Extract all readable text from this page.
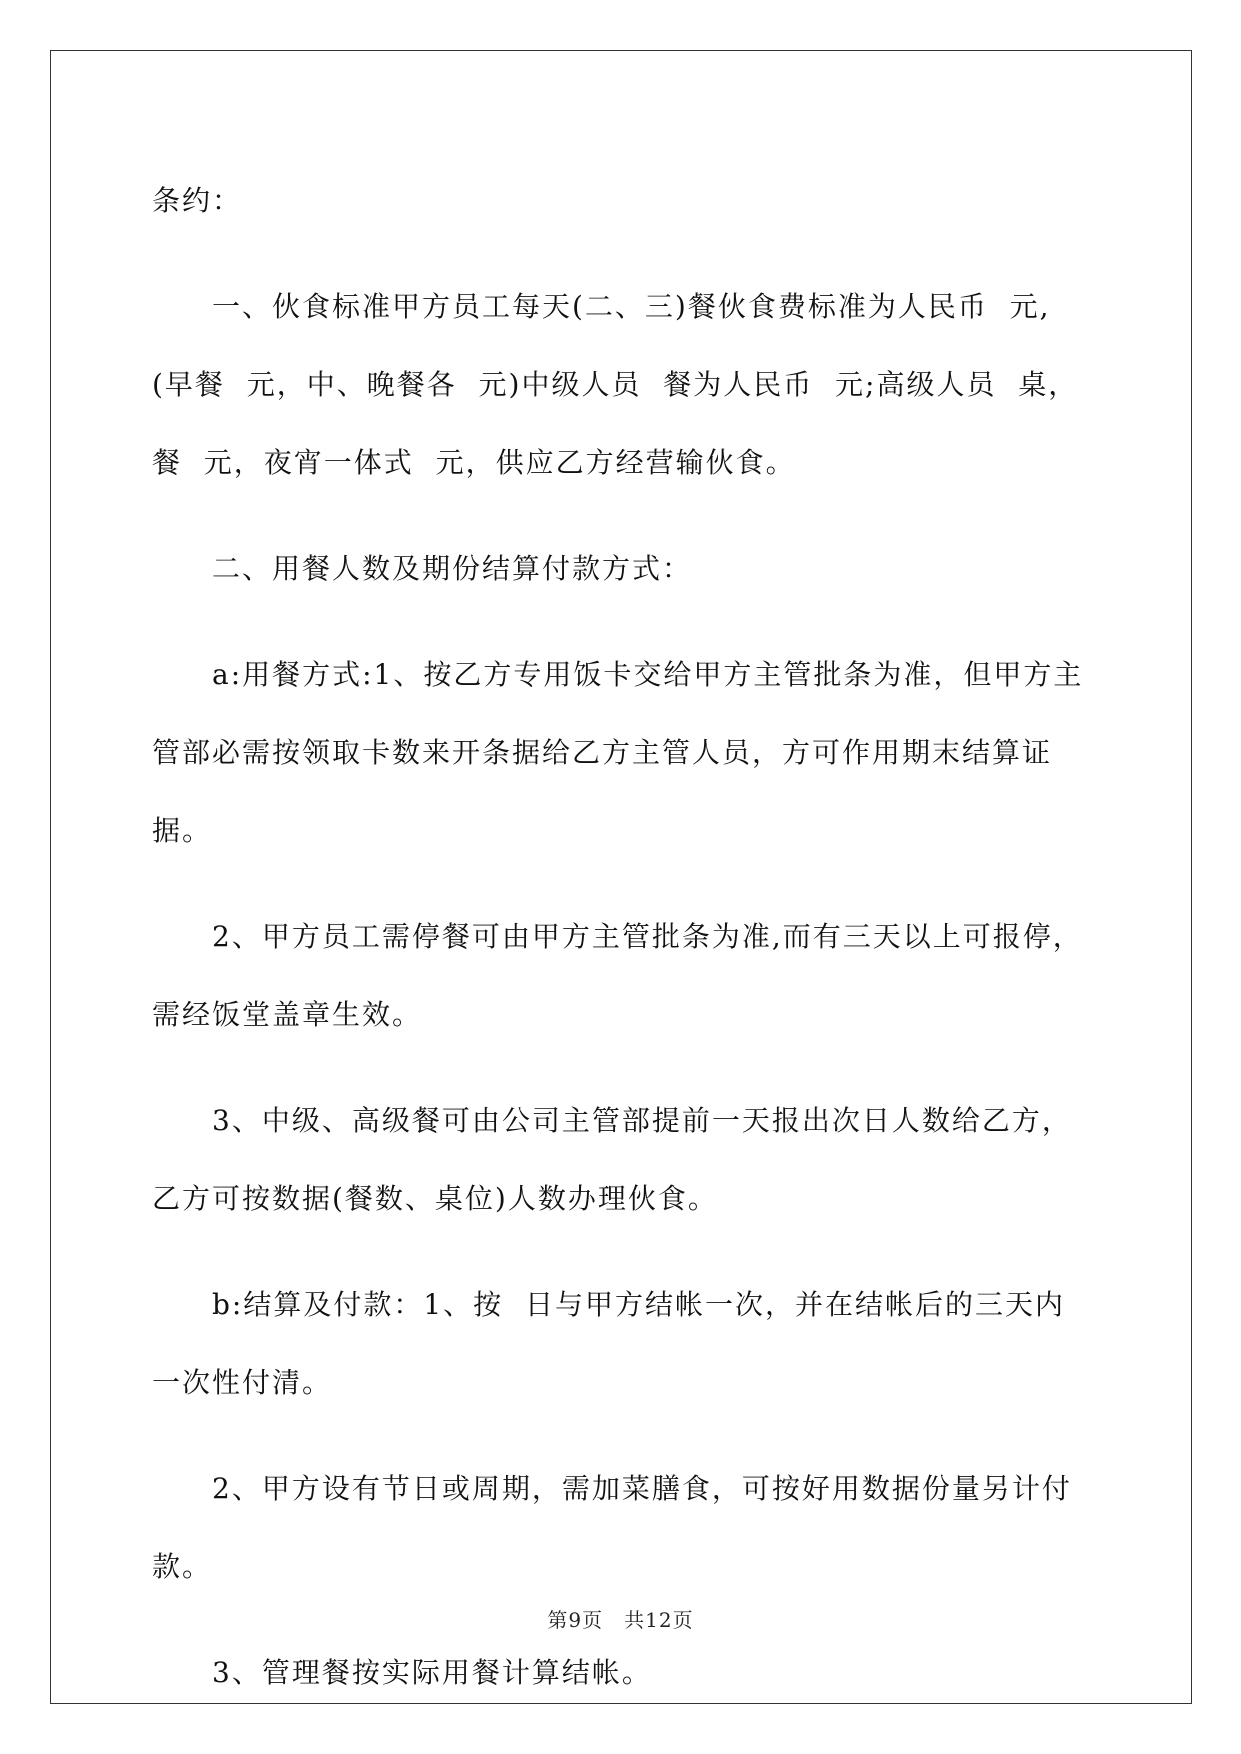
条约：

一、伙食标准甲方员工每天(二、三)餐伙食费标准为人民币  元,(早餐  元，中、晚餐各  元)中级人员  餐为人民币  元;高级人员  桌，餐  元，夜宵一体式  元，供应乙方经营输伙食。

二、用餐人数及期份结算付款方式：

a:用餐方式:1、按乙方专用饭卡交给甲方主管批条为准，但甲方主管部必需按领取卡数来开条据给乙方主管人员，方可作用期末结算证据。

2、甲方员工需停餐可由甲方主管批条为准,而有三天以上可报停，需经饭堂盖章生效。

3、中级、高级餐可由公司主管部提前一天报出次日人数给乙方，乙方可按数据(餐数、桌位)人数办理伙食。

b:结算及付款：1、按  日与甲方结帐一次，并在结帐后的三天内一次性付清。

2、甲方设有节日或周期，需加菜膳食，可按好用数据份量另计付款。

3、管理餐按实际用餐计算结帐。

第9页　共12页
